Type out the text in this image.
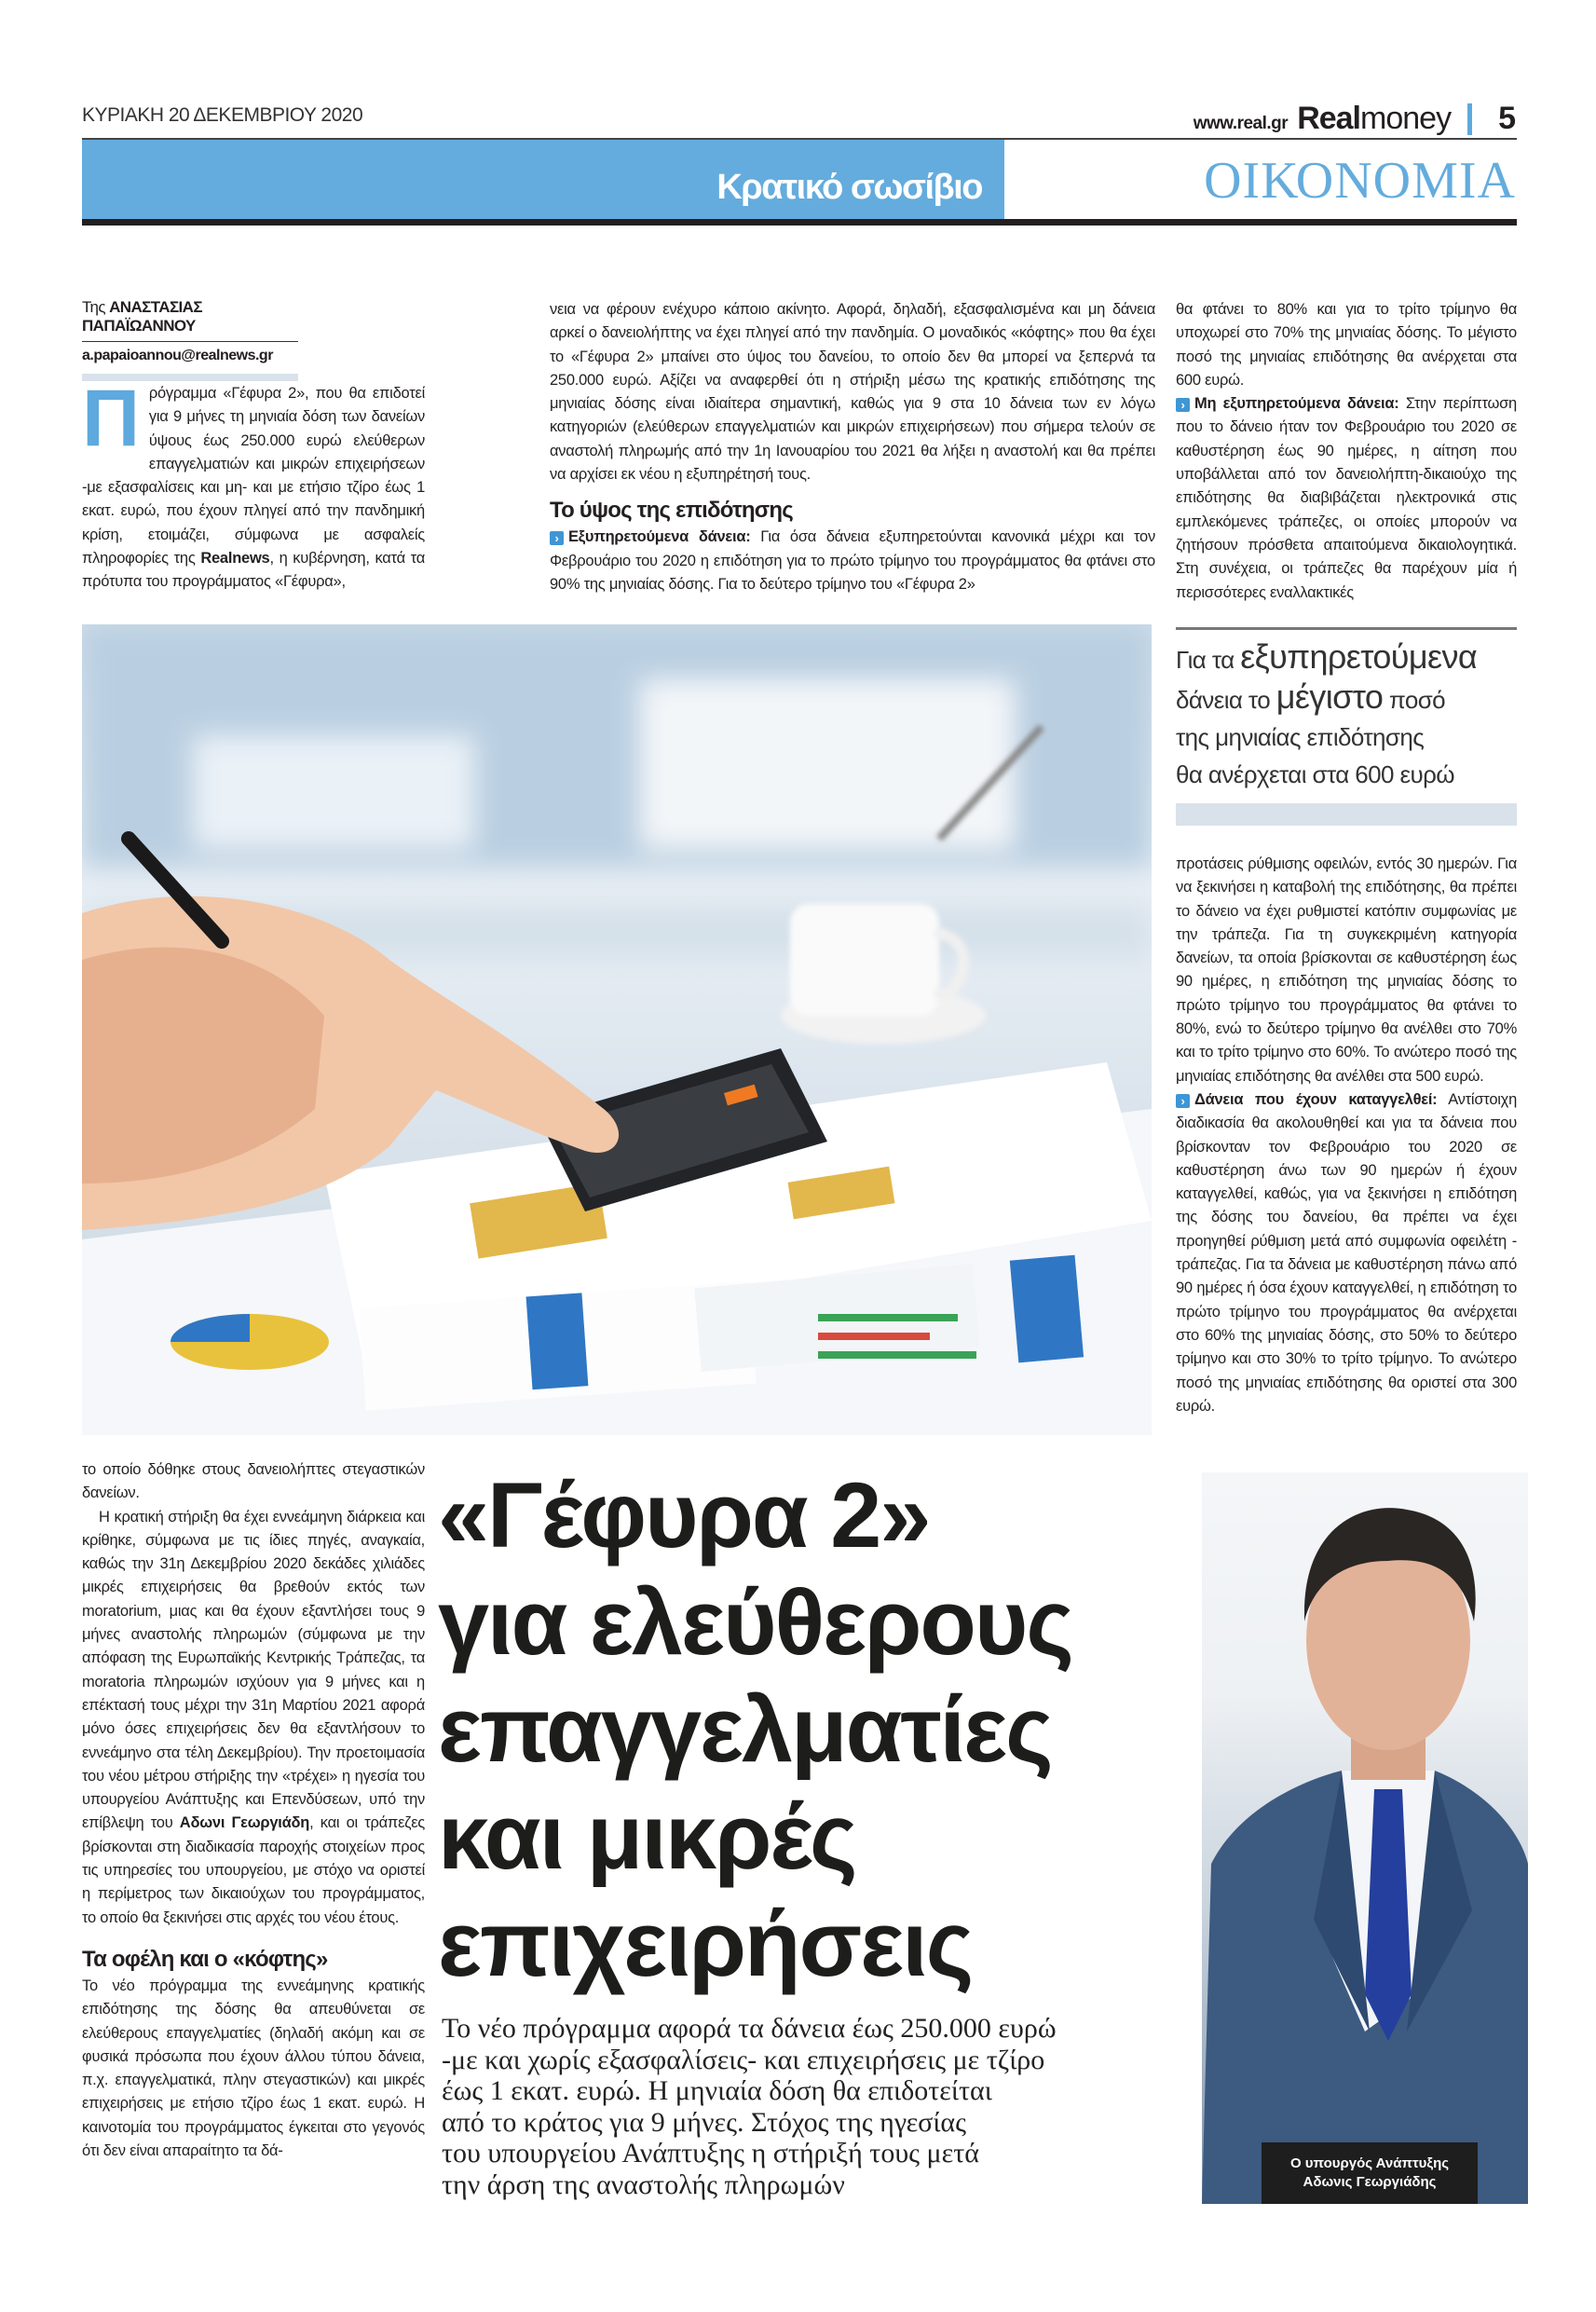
ΚΥΡΙΑΚΗ 20 ΔΕΚΕΜΒΡΙΟΥ 2020	www.real.gr Realmoney 5
Κρατικό σωσίβιο	ΟΙΚΟΝΟΜΙΑ
Της ΑΝΑΣΤΑΣΙΑΣ ΠΑΠΑΪΩΑΝΝΟΥ
a.papaioannou@realnews.gr
Πρόγραμμα «Γέφυρα 2», που θα επιδοτεί για 9 μήνες τη μηνιαία δόση των δανείων ύψους έως 250.000 ευρώ ελεύθερων επαγγελματιών και μικρών επιχειρήσεων -με εξασφαλίσεις και μη- και με ετήσιο τζίρο έως 1 εκατ. ευρώ, που έχουν πληγεί από την πανδημική κρίση, ετοιμάζει, σύμφωνα με ασφαλείς πληροφορίες της Realnews, η κυβέρνηση, κατά τα πρότυπα του προγράμματος «Γέφυρα»,

νεια να φέρουν ενέχυρο κάποιο ακίνητο. Αφορά, δηλαδή, εξασφαλισμένα και μη δάνεια αρκεί ο δανειολήπτης να έχει πληγεί από την πανδημία. Ο μοναδικός «κόφτης» που θα έχει το «Γέφυρα 2» μπαίνει στο ύψος του δανείου, το οποίο δεν θα μπορεί να ξεπερνά τα 250.000 ευρώ. Αξίζει να αναφερθεί ότι η στήριξη μέσω της κρατικής επιδότησης της μηνιαίας δόσης είναι ιδιαίτερα σημαντική, καθώς για 9 στα 10 δάνεια των εν λόγω κατηγοριών (ελεύθερων επαγγελματιών και μικρών επιχειρήσεων) που σήμερα τελούν σε αναστολή πληρωμής από την 1η Ιανουαρίου του 2021 θα λήξει η αναστολή και θα πρέπει να αρχίσει εκ νέου η εξυπηρέτησή τους.

Το ύψος της επιδότησης

› Εξυπηρετούμενα δάνεια: Για όσα δάνεια εξυπηρετούνται κανονικά μέχρι και τον Φεβρουάριο του 2020 η επιδότηση για το πρώτο τρίμηνο του προγράμματος θα φτάνει στο 90% της μηνιαίας δόσης. Για το δεύτερο τρίμηνο του «Γέφυρα 2»

θα φτάνει το 80% και για το τρίτο τρίμηνο θα υποχωρεί στο 70% της μηνιαίας δόσης. Το μέγιστο ποσό της μηνιαίας επιδότησης θα ανέρχεται στα 600 ευρώ.

› Μη εξυπηρετούμενα δάνεια: Στην περίπτωση που το δάνειο ήταν τον Φεβρουάριο του 2020 σε καθυστέρηση έως 90 ημέρες, η αίτηση που υποβάλλεται από τον δανειολήπτη-δικαιούχο της επιδότησης θα διαβιβάζεται ηλεκτρονικά στις εμπλεκόμενες τράπεζες, οι οποίες μπορούν να ζητήσουν πρόσθετα απαιτούμενα δικαιολογητικά. Στη συνέχεια, οι τράπεζες θα παρέχουν μία ή περισσότερες εναλλακτικές

Για τα εξυπηρετούμενα
δάνεια το μέγιστο ποσό
της μηνιαίας επιδότησης
θα ανέρχεται στα 600 ευρώ

προτάσεις ρύθμισης οφειλών, εντός 30 ημερών. Για να ξεκινήσει η καταβολή της επιδότησης, θα πρέπει το δάνειο να έχει ρυθμιστεί κατόπιν συμφωνίας με την τράπεζα. Για τη συγκεκριμένη κατηγορία δανείων, τα οποία βρίσκονται σε καθυστέρηση έως 90 ημέρες, η επιδότηση της μηνιαίας δόσης το πρώτο τρίμηνο του προγράμματος θα φτάνει το 80%, ενώ το δεύτερο τρίμηνο θα ανέλθει στο 70% και το τρίτο τρίμηνο στο 60%. Το ανώτερο ποσό της μηνιαίας επιδότησης θα ανέλθει στα 500 ευρώ.

› Δάνεια που έχουν καταγγελθεί: Αντίστοιχη διαδικασία θα ακολουθηθεί και για τα δάνεια που βρίσκονταν τον Φεβρουάριο του 2020 σε καθυστέρηση άνω των 90 ημερών ή έχουν καταγγελθεί, καθώς, για να ξεκινήσει η επιδότηση της δόσης του δανείου, θα πρέπει να έχει προηγηθεί ρύθμιση μετά από συμφωνία οφειλέτη - τράπεζας. Για τα δάνεια με καθυστέρηση πάνω από 90 ημέρες ή όσα έχουν καταγγελθεί, η επιδότηση το πρώτο τρίμηνο του προγράμματος θα ανέρχεται στο 60% της μηνιαίας δόσης, στο 50% το δεύτερο τρίμηνο και στο 30% το τρίτο τρίμηνο. Το ανώτερο ποσό της μηνιαίας επιδότησης θα οριστεί στα 300 ευρώ.

το οποίο δόθηκε στους δανειολήπτες στεγαστικών δανείων.

Η κρατική στήριξη θα έχει εννεάμηνη διάρκεια και κρίθηκε, σύμφωνα με τις ίδιες πηγές, αναγκαία, καθώς την 31η Δεκεμβρίου 2020 δεκάδες χιλιάδες μικρές επιχειρήσεις θα βρεθούν εκτός των moratorium, μιας και θα έχουν εξαντλήσει τους 9 μήνες αναστολής πληρωμών (σύμφωνα με την απόφαση της Ευρωπαϊκής Κεντρικής Τράπεζας, τα moratoria πληρωμών ισχύουν για 9 μήνες και η επέκτασή τους μέχρι την 31η Μαρτίου 2021 αφορά μόνο όσες επιχειρήσεις δεν θα εξαντλήσουν το εννεάμηνο στα τέλη Δεκεμβρίου). Την προετοιμασία του νέου μέτρου στήριξης την «τρέχει» η ηγεσία του υπουργείου Ανάπτυξης και Επενδύσεων, υπό την επίβλεψη του Αδωνι Γεωργιάδη, και οι τράπεζες βρίσκονται στη διαδικασία παροχής στοιχείων προς τις υπηρεσίες του υπουργείου, με στόχο να οριστεί η περίμετρος των δικαιούχων του προγράμματος, το οποίο θα ξεκινήσει στις αρχές του νέου έτους.

Τα οφέλη και ο «κόφτης»

Το νέο πρόγραμμα της εννεάμηνης κρατικής επιδότησης της δόσης θα απευθύνεται σε ελεύθερους επαγγελματίες (δηλαδή ακόμη και σε φυσικά πρόσωπα που έχουν άλλου τύπου δάνεια, π.χ. επαγγελματικά, πλην στεγαστικών) και μικρές επιχειρήσεις με ετήσιο τζίρο έως 1 εκατ. ευρώ. Η καινοτομία του προγράμματος έγκειται στο γεγονός ότι δεν είναι απαραίτητο τα δά-

«Γέφυρα 2»
για ελεύθερους
επαγγελματίες
και μικρές
επιχειρήσεις
Το νέο πρόγραμμα αφορά τα δάνεια έως 250.000 ευρώ
-με και χωρίς εξασφαλίσεις- και επιχειρήσεις με τζίρο
έως 1 εκατ. ευρώ. Η μηνιαία δόση θα επιδοτείται
από το κράτος για 9 μήνες. Στόχος της ηγεσίας
του υπουργείου Ανάπτυξης η στήριξή τους μετά
την άρση της αναστολής πληρωμών
Ο υπουργός Ανάπτυξης
Αδωνις Γεωργιάδης
